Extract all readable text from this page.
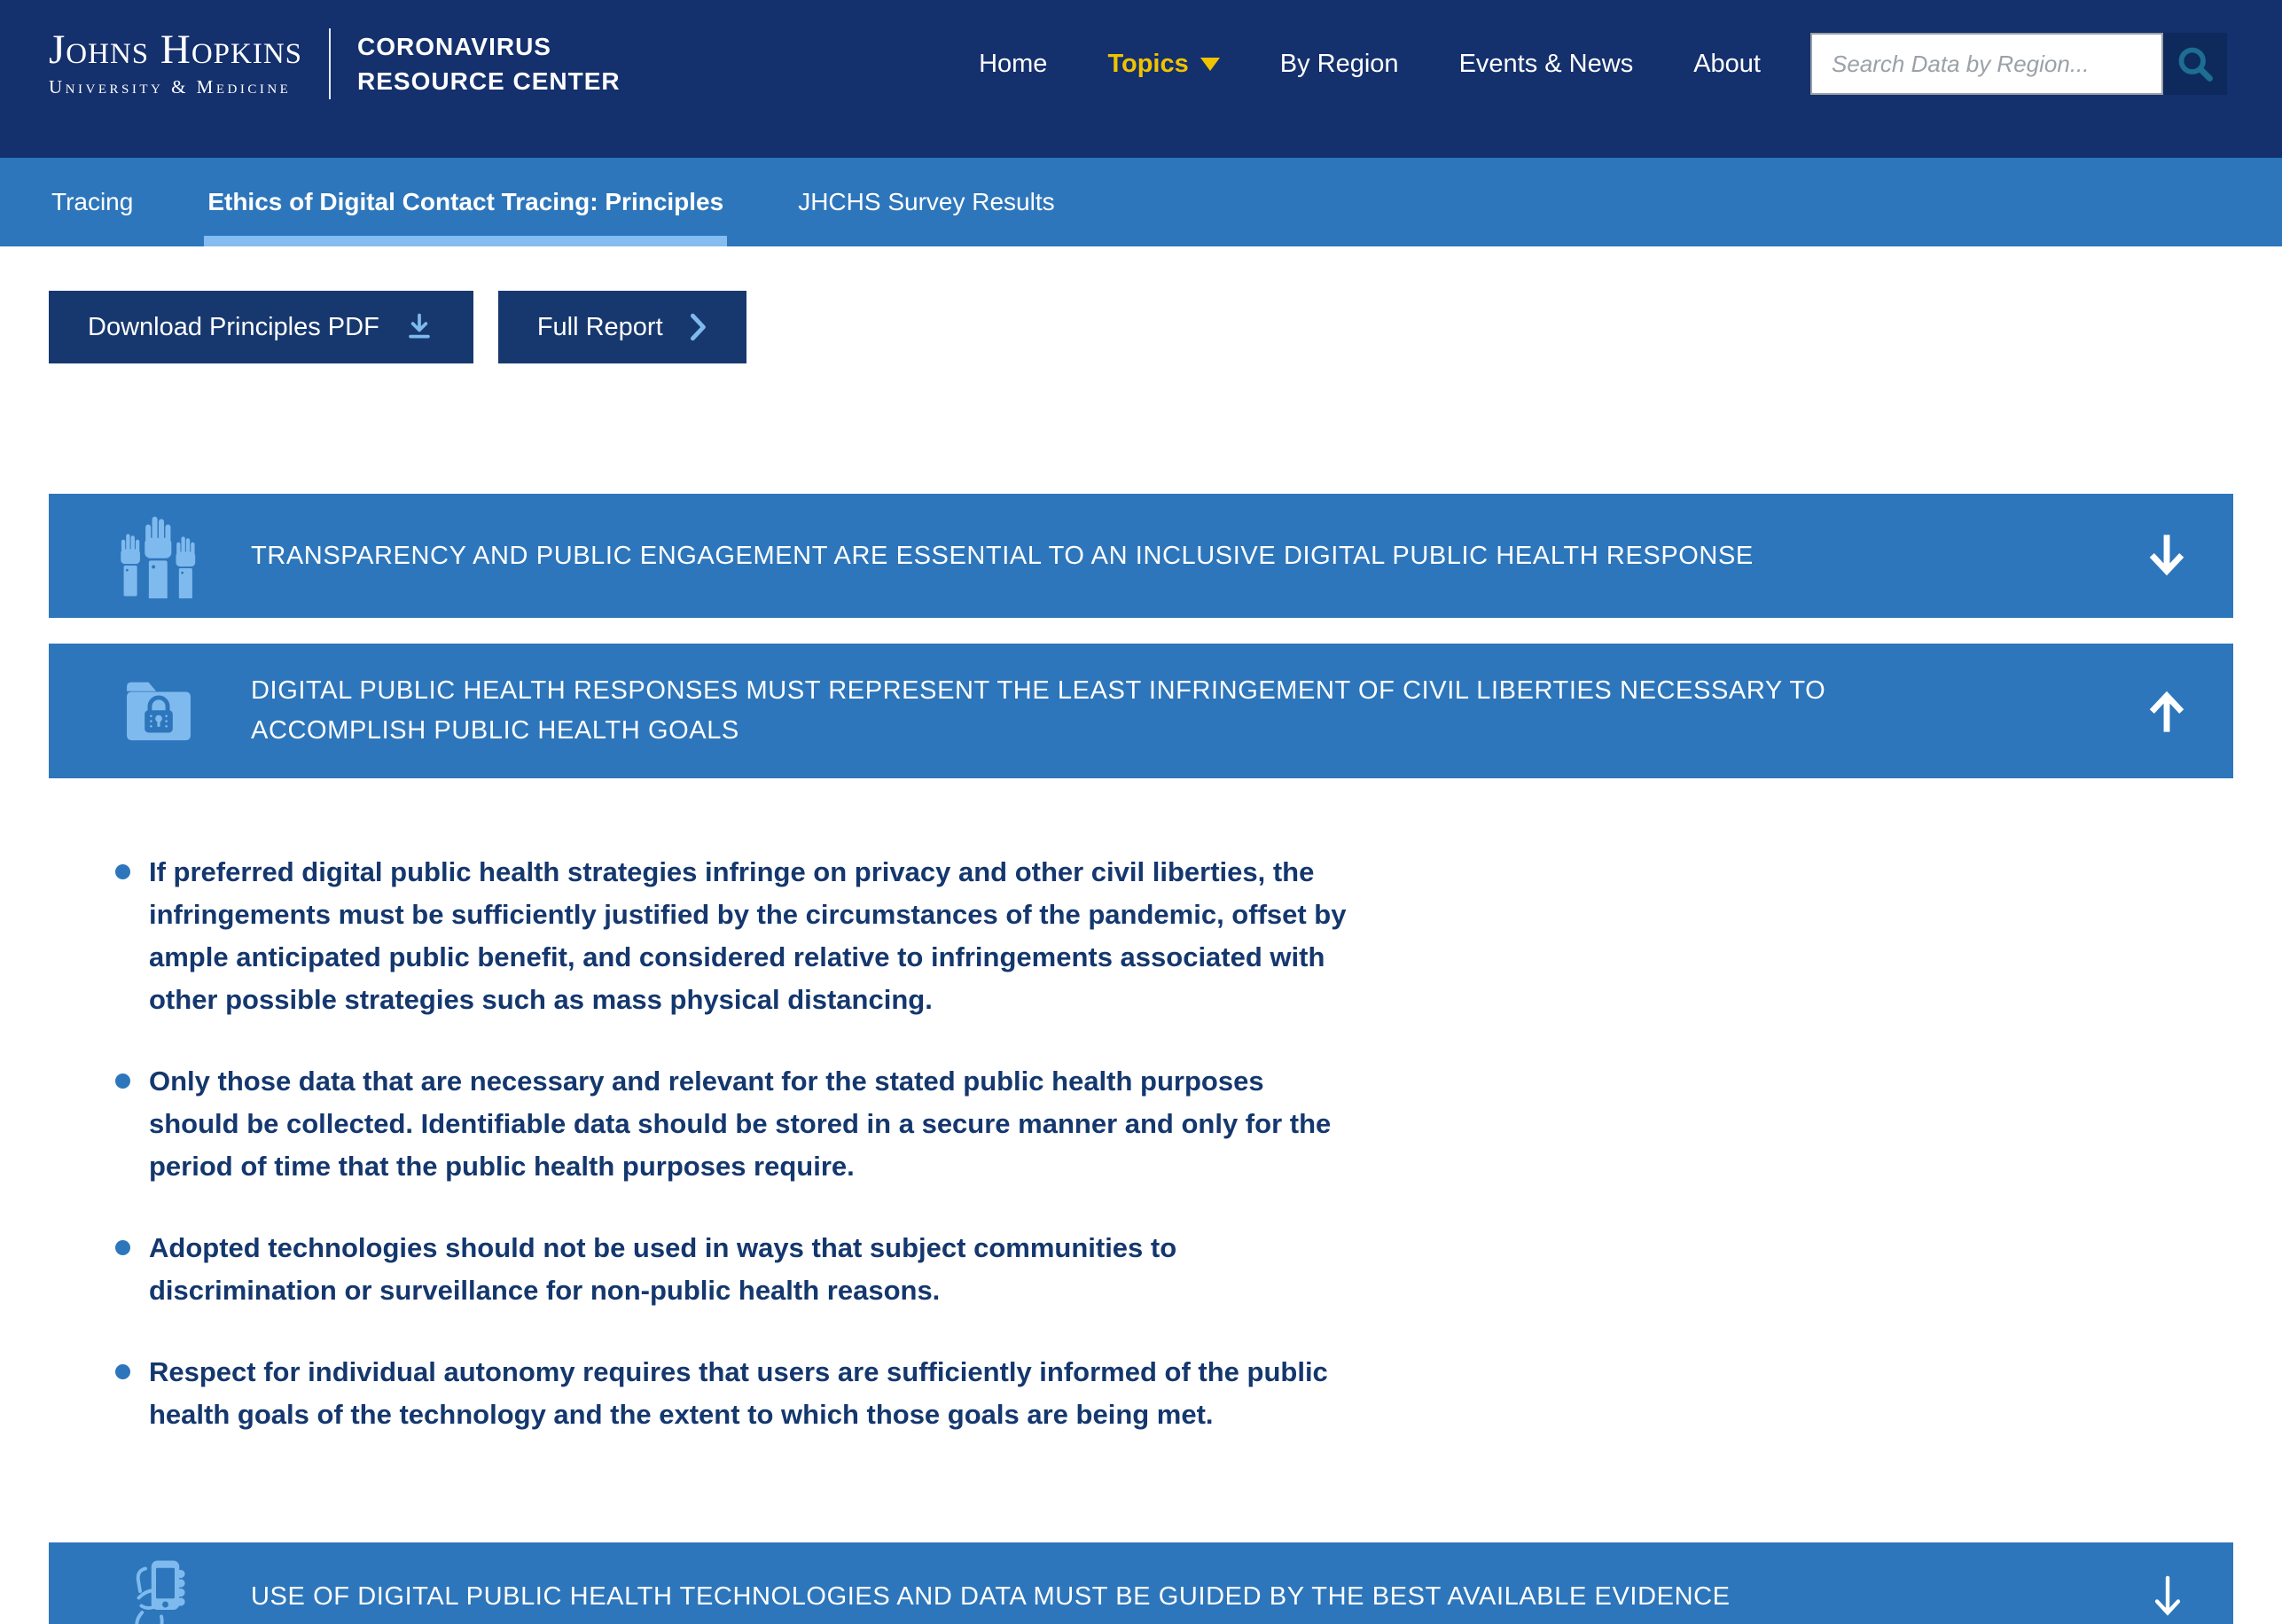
Johns Hopkins
University & Medicine
CORONAVIRUS
RESOURCE CENTER
Home Topics	By Region Events & News About
Search Data by Region...
Tracing	Ethics of Digital Contact Tracing: Principles	JHCHS Survey Results
Download Principles PDF	Full Report
TRANSPARENCY AND PUBLIC ENGAGEMENT ARE ESSENTIAL TO AN INCLUSIVE DIGITAL PUBLIC HEALTH RESPONSE
DIGITAL PUBLIC HEALTH RESPONSES MUST REPRESENT THE LEAST INFRINGEMENT OF CIVIL LIBERTIES NECESSARY TO ACCOMPLISH PUBLIC HEALTH GOALS
If preferred digital public health strategies infringe on privacy and other civil liberties, the infringements must be sufficiently justified by the circumstances of the pandemic, offset by ample anticipated public benefit, and considered relative to infringements associated with other possible strategies such as mass physical distancing.
Only those data that are necessary and relevant for the stated public health purposes should be collected. Identifiable data should be stored in a secure manner and only for the period of time that the public health purposes require.
Adopted technologies should not be used in ways that subject communities to discrimination or surveillance for non-public health reasons.
Respect for individual autonomy requires that users are sufficiently informed of the public health goals of the technology and the extent to which those goals are being met.
USE OF DIGITAL PUBLIC HEALTH TECHNOLOGIES AND DATA MUST BE GUIDED BY THE BEST AVAILABLE EVIDENCE
